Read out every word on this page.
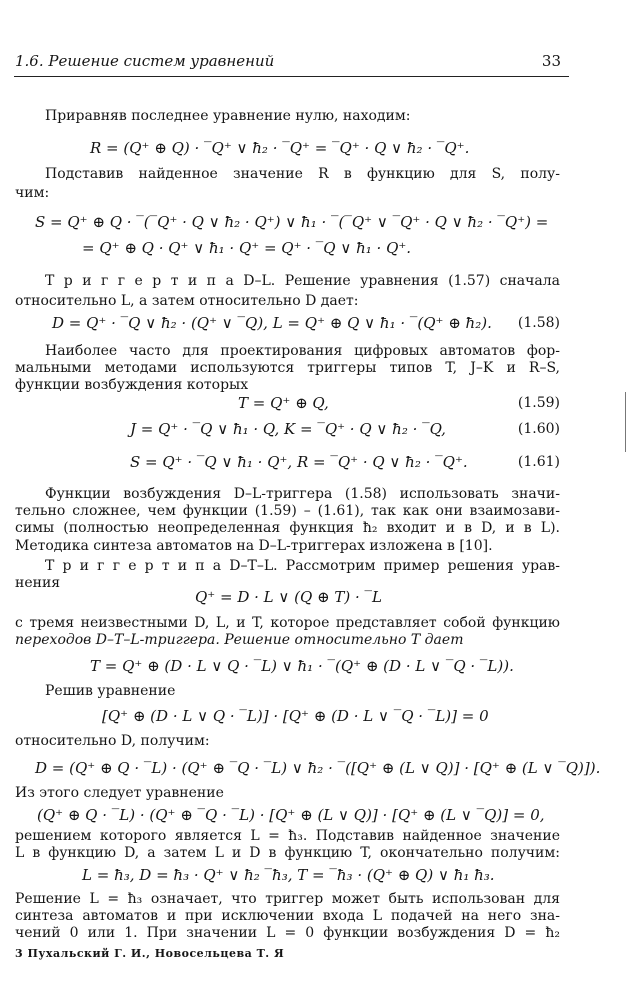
1.6. Решение систем уравнений	33
Приравняв последнее уравнение нулю, находим:
R = (Q⁺ ⊕ Q) · ‾Q⁺ ∨ ħ₂ · ‾Q⁺ = ‾Q⁺ · Q ∨ ħ₂ · ‾Q⁺.
Подставив найденное значение R в функцию для S, полу-
чим:
S = Q⁺ ⊕ Q · ‾(‾Q⁺ · Q ∨ ħ₂ · Q⁺) ∨ ħ₁ · ‾(‾Q⁺ ∨ ‾Q⁺ · Q ∨ ħ₂ · ‾Q⁺) =
= Q⁺ ⊕ Q · Q⁺ ∨ ħ₁ · Q⁺ = Q⁺ · ‾Q ∨ ħ₁ · Q⁺.
Т р и г г е р т и п а D–L. Решение уравнения (1.57) сначала
относительно L, а затем относительно D дает:
D = Q⁺ · ‾Q ∨ ħ₂ · (Q⁺ ∨ ‾Q), L = Q⁺ ⊕ Q ∨ ħ₁ · ‾(Q⁺ ⊕ ħ₂).	(1.58)
Наиболее часто для проектирования цифровых автоматов фор-
мальными методами используются триггеры типов T, J–K и R–S,
функции возбуждения которых
T = Q⁺ ⊕ Q,	(1.59)
J = Q⁺ · ‾Q ∨ ħ₁ · Q, K = ‾Q⁺ · Q ∨ ħ₂ · ‾Q,	(1.60)
S = Q⁺ · ‾Q ∨ ħ₁ · Q⁺, R = ‾Q⁺ · Q ∨ ħ₂ · ‾Q⁺.	(1.61)
Функции возбуждения D–L-триггера (1.58) использовать значи-
тельно сложнее, чем функции (1.59) – (1.61), так как они взаимозави-
симы (полностью неопределенная функция ħ₂ входит и в D, и в L).
Методика синтеза автоматов на D–L-триггерах изложена в [10].
Т р и г г е р т и п а D–T–L. Рассмотрим пример решения урав-
нения
Q⁺ = D · L ∨ (Q ⊕ T) · ‾L
с тремя неизвестными D, L, и T, которое представляет собой функцию
переходов D–T–L-триггера. Решение относительно T дает
T = Q⁺ ⊕ (D · L ∨ Q · ‾L) ∨ ħ₁ · ‾(Q⁺ ⊕ (D · L ∨ ‾Q · ‾L)).
Решив уравнение
[Q⁺ ⊕ (D · L ∨ Q · ‾L)] · [Q⁺ ⊕ (D · L ∨ ‾Q · ‾L)] = 0
относительно D, получим:
D = (Q⁺ ⊕ Q · ‾L) · (Q⁺ ⊕ ‾Q · ‾L) ∨ ħ₂ · ‾([Q⁺ ⊕ (L ∨ Q)] · [Q⁺ ⊕ (L ∨ ‾Q)]).
Из этого следует уравнение
(Q⁺ ⊕ Q · ‾L) · (Q⁺ ⊕ ‾Q · ‾L) · [Q⁺ ⊕ (L ∨ Q)] · [Q⁺ ⊕ (L ∨ ‾Q)] = 0,
решением которого является L = ħ₃. Подставив найденное значение
L в функцию D, а затем L и D в функцию T, окончательно получим:
L = ħ₃, D = ħ₃ · Q⁺ ∨ ħ₂ ‾ħ₃, T = ‾ħ₃ · (Q⁺ ⊕ Q) ∨ ħ₁ ħ₃.
Решение L = ħ₃ означает, что триггер может быть использован для
синтеза автоматов и при исключении входа L подачей на него зна-
чений 0 или 1. При значении L = 0 функции возбуждения D = ħ₂
3 Пухальский Г. И., Новосельцева Т. Я
